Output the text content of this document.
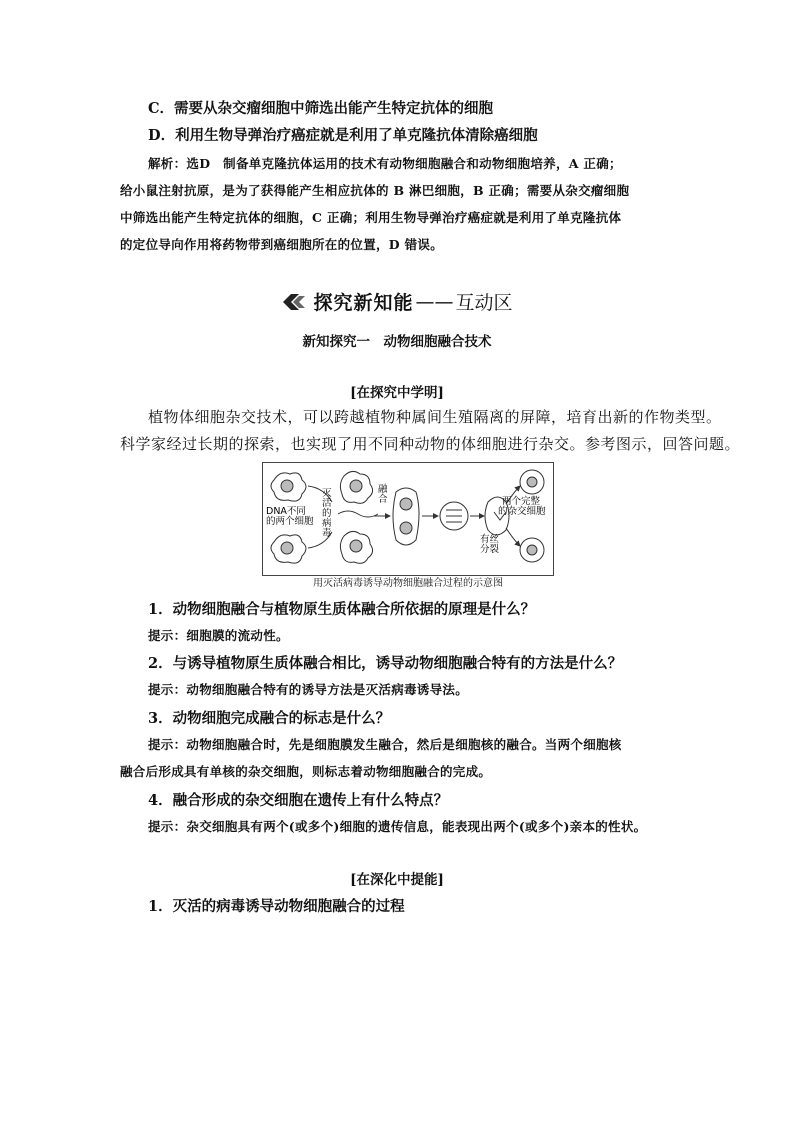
C．需要从杂交瘤细胞中筛选出能产生特定抗体的细胞
D．利用生物导弹治疗癌症就是利用了单克隆抗体清除癌细胞
解析：选D　制备单克隆抗体运用的技术有动物细胞融合和动物细胞培养，A 正确；
给小鼠注射抗原，是为了获得能产生相应抗体的 B 淋巴细胞，B 正确；需要从杂交瘤细胞
中筛选出能产生特定抗体的细胞，C 正确；利用生物导弹治疗癌症就是利用了单克隆抗体
的定位导向作用将药物带到癌细胞所在的位置，D 错误。
探究新知能 —— 互动区
新知探究一　动物细胞融合技术
[在探究中学明]
植物体细胞杂交技术，可以跨越植物种属间生殖隔离的屏障，培育出新的作物类型。
科学家经过长期的探索，也实现了用不同种动物的体细胞进行杂交。参考图示，回答问题。
DNA不同
的两个细胞
灭
活
的
病
毒
融
合	两个完整
的杂交细胞
有丝
分裂
用灭活病毒诱导动物细胞融合过程的示意图
1．动物细胞融合与植物原生质体融合所依据的原理是什么？
提示：细胞膜的流动性。
2．与诱导植物原生质体融合相比，诱导动物细胞融合特有的方法是什么？
提示：动物细胞融合特有的诱导方法是灭活病毒诱导法。
3．动物细胞完成融合的标志是什么？
提示：动物细胞融合时，先是细胞膜发生融合，然后是细胞核的融合。当两个细胞核
融合后形成具有单核的杂交细胞，则标志着动物细胞融合的完成。
4．融合形成的杂交细胞在遗传上有什么特点？
提示：杂交细胞具有两个(或多个)细胞的遗传信息，能表现出两个(或多个)亲本的性状。
[在深化中提能]
1．灭活的病毒诱导动物细胞融合的过程
